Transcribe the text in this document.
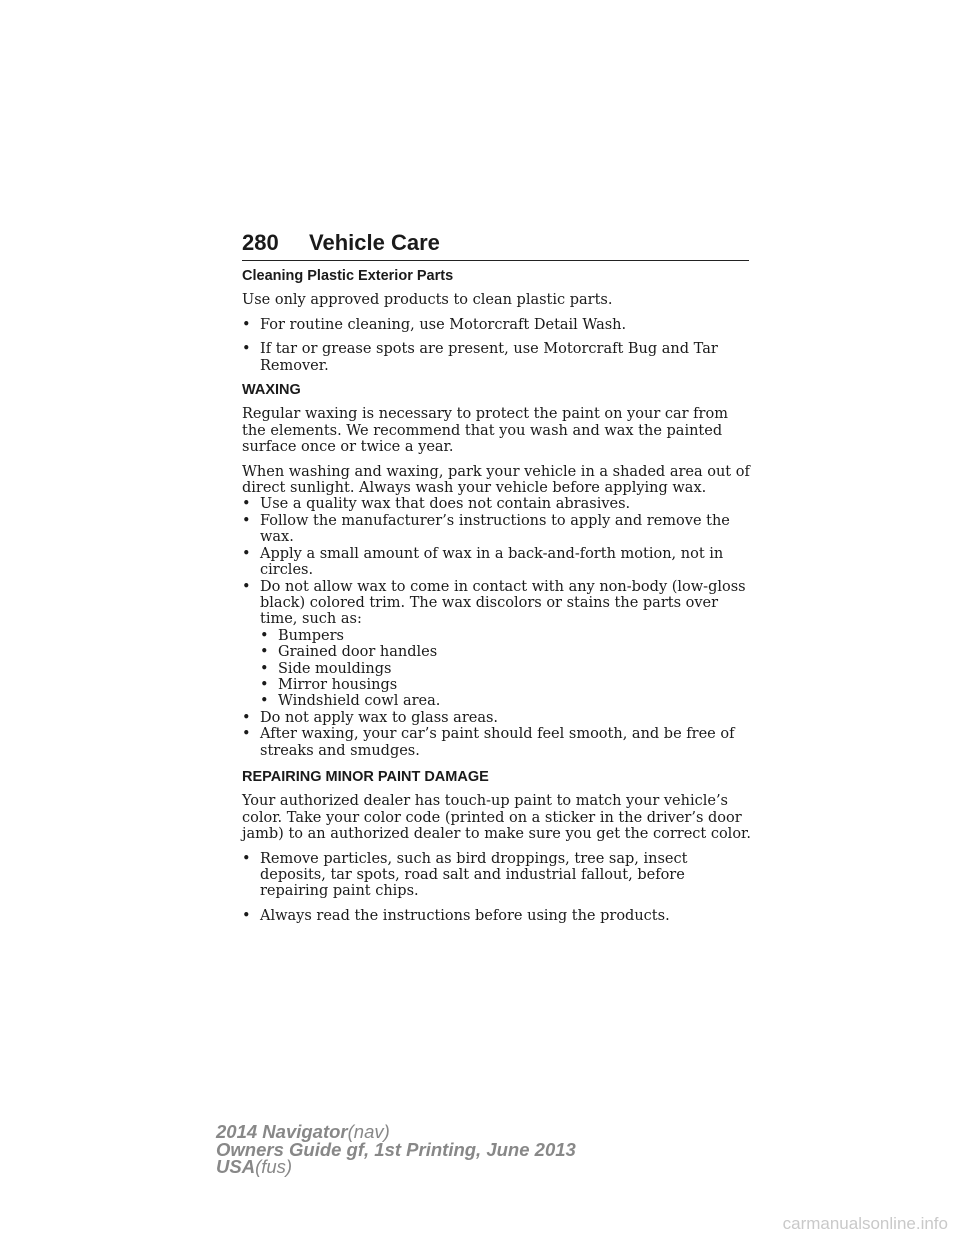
280 Vehicle Care
Cleaning Plastic Exterior Parts

Use only approved products to clean plastic parts.

• For routine cleaning, use Motorcraft Detail Wash.
• If tar or grease spots are present, use Motorcraft Bug and Tar Remover.
WAXING

Regular waxing is necessary to protect the paint on your car from the elements. We recommend that you wash and wax the painted surface once or twice a year.

When washing and waxing, park your vehicle in a shaded area out of direct sunlight. Always wash your vehicle before applying wax.

• Use a quality wax that does not contain abrasives.
• Follow the manufacturer’s instructions to apply and remove the wax.
• Apply a small amount of wax in a back-and-forth motion, not in circles.
• Do not allow wax to come in contact with any non-body (low-gloss black) colored trim. The wax discolors or stains the parts over time, such as:
• Bumpers
• Grained door handles
• Side mouldings
• Mirror housings
• Windshield cowl area.
• Do not apply wax to glass areas.
• After waxing, your car’s paint should feel smooth, and be free of streaks and smudges.
REPAIRING MINOR PAINT DAMAGE

Your authorized dealer has touch-up paint to match your vehicle’s color. Take your color code (printed on a sticker in the driver’s door jamb) to an authorized dealer to make sure you get the correct color.

• Remove particles, such as bird droppings, tree sap, insect deposits, tar spots, road salt and industrial fallout, before repairing paint chips.
• Always read the instructions before using the products.
2014 Navigator(nav)
Owners Guide gf, 1st Printing, June 2013
USA(fus)
carmanualsonline.info
